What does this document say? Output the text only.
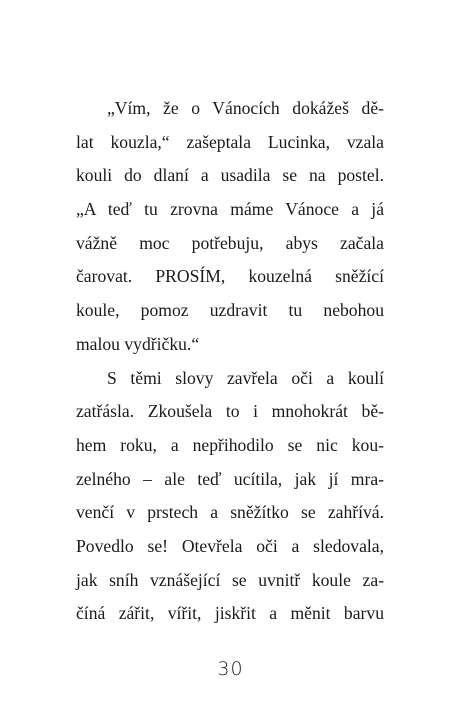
„Vím, že o Vánocích dokážeš dě-
lat kouzla,“ zašeptala Lucinka, vzala
kouli do dlaní a usadila se na postel.
„A teď tu zrovna máme Vánoce a já
vážně moc potřebuju, abys začala
čarovat. PROSÍM, kouzelná sněžící
koule, pomoz uzdravit tu nebohou
malou vydřičku.“
S těmi slovy zavřela oči a koulí
zatřásla. Zkoušela to i mnohokrát bě-
hem roku, a nepřihodilo se nic kou-
zelného – ale teď ucítila, jak jí mra-
venčí v prstech a sněžítko se zahřívá.
Povedlo se! Otevřela oči a sledovala,
jak sníh vznášející se uvnitř koule za-
číná zářit, vířit, jiskřit a měnit barvu
30
